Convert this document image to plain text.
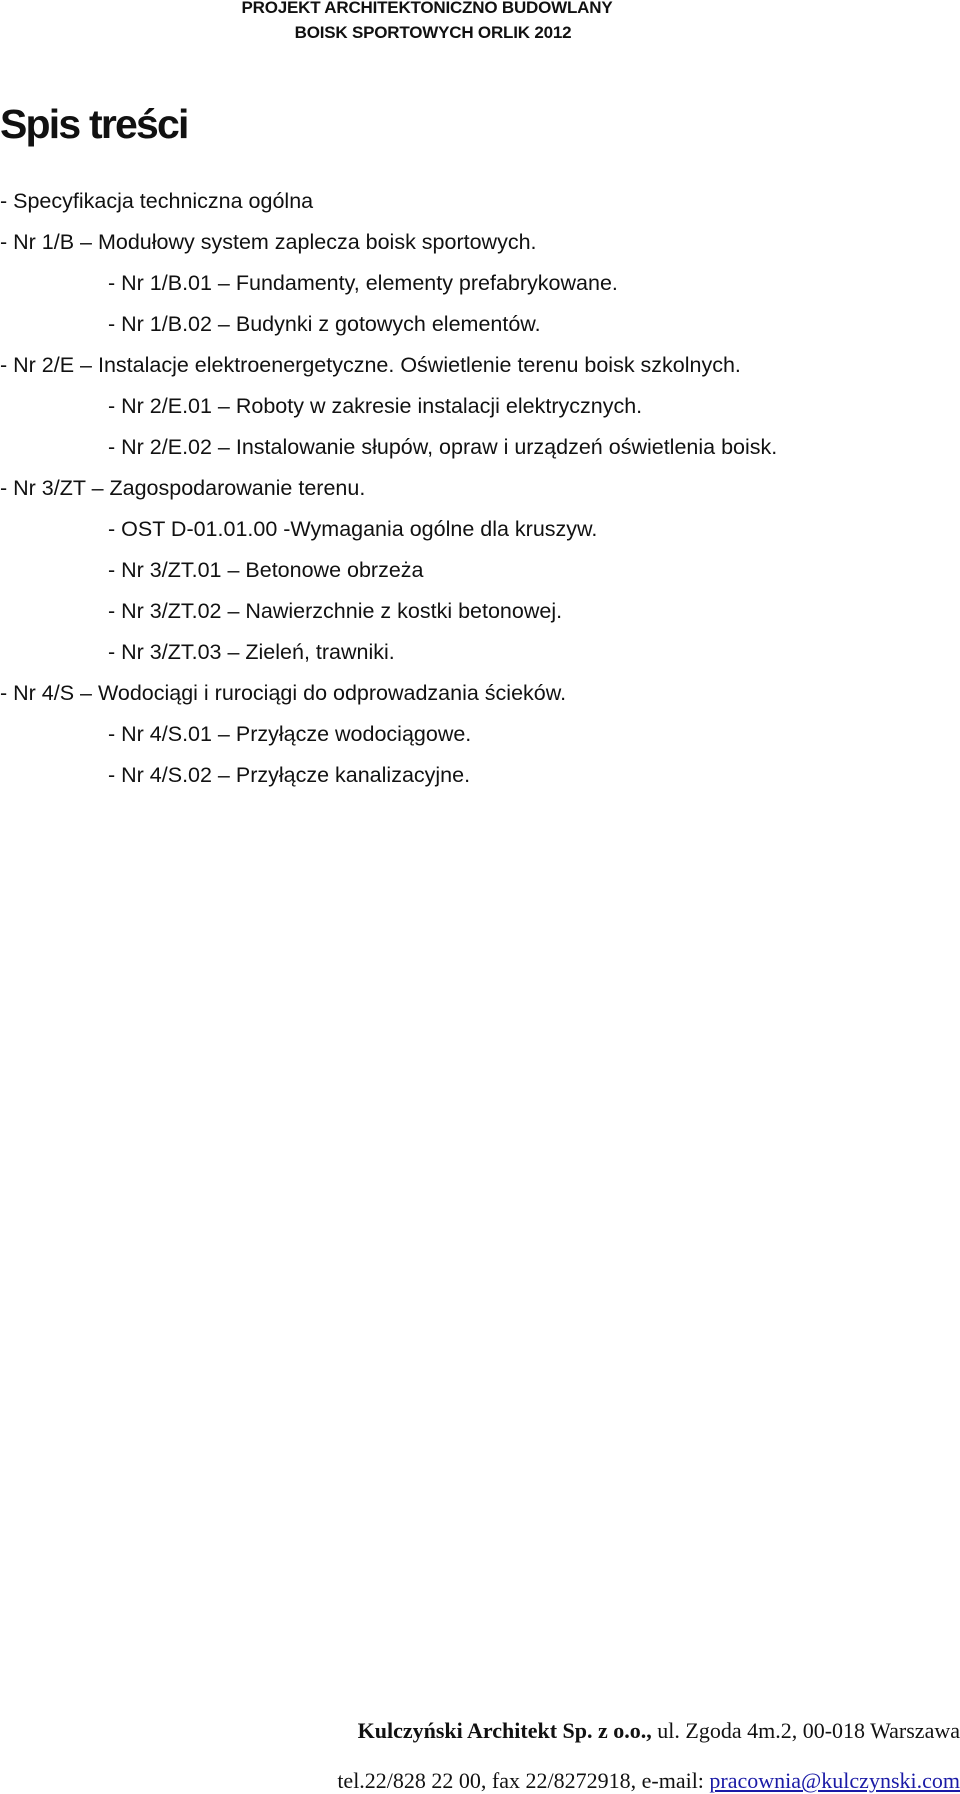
PROJEKT ARCHITEKTONICZNO BUDOWLANY
BOISK SPORTOWYCH ORLIK 2012
Spis treści
- Specyfikacja techniczna ogólna
- Nr 1/B – Modułowy system zaplecza boisk sportowych.
- Nr 1/B.01 – Fundamenty, elementy prefabrykowane.
- Nr 1/B.02 – Budynki z gotowych elementów.
- Nr 2/E – Instalacje elektroenergetyczne. Oświetlenie terenu boisk szkolnych.
- Nr 2/E.01 – Roboty w zakresie instalacji elektrycznych.
- Nr 2/E.02 – Instalowanie słupów, opraw i urządzeń oświetlenia boisk.
- Nr 3/ZT – Zagospodarowanie terenu.
- OST D-01.01.00 -Wymagania ogólne dla kruszyw.
- Nr 3/ZT.01 – Betonowe obrzeża
- Nr 3/ZT.02 – Nawierzchnie z kostki betonowej.
- Nr 3/ZT.03 – Zieleń, trawniki.
- Nr 4/S – Wodociągi i rurociągi do odprowadzania ścieków.
- Nr 4/S.01 – Przyłącze wodociągowe.
- Nr 4/S.02 – Przyłącze kanalizacyjne.
Kulczyński Architekt Sp. z o.o., ul. Zgoda 4m.2, 00-018 Warszawa
tel.22/828 22 00, fax 22/8272918, e-mail: pracownia@kulczynski.com
